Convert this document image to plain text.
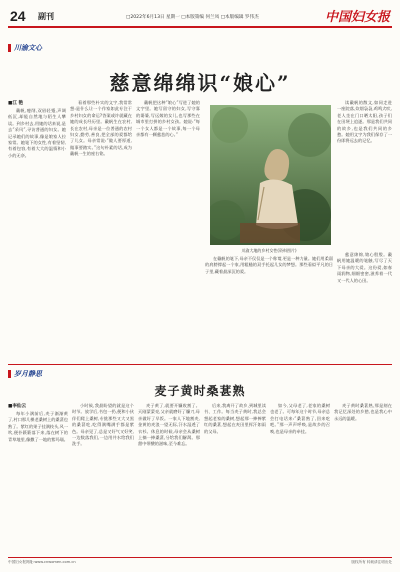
24 副刊	□2022年6月13日 星期一 □本版策编 何兰凤 □本版编辑 罗伟杰	中国妇女报
川渝文心
慈意绵绵识“娘心”
■江 艳

戴帆,瘦削,双眉轻蹙,声调低沉,却能自然地与陌生人攀谈。到乡村去,用她的话来说,是去“采风”,寻访普通的妇女。她记录她们的故事,像是娘家人拉家常。她笔下的女性,有着坚韧,有着包容,有着大大的温情和小小的无奈。

看着那些朴实的文字,我常常想:是什么让一个作家如此专注于乡村妇女的命运?答案或许就藏在她的成长经历里。戴帆生在农村,长在农村,母亲是一位普通的农村妇女,勤劳,善良,把全部的爱都给了儿女。母亲常说:“做人要厚道,做事要踏实。”这句朴素的话,成为戴帆一生的座右铭。

戴帆把这种“娘心”写进了她的文字里。她写留守的妇女,写守寡的婆婆,写远嫁的女儿,也写那些在城市里打拼的乡村女孩。她说:“每一个女人都是一个故事,每一个母亲都有一颗慈悲的心。”

川渝大地的乡村女性(资料图片)

在戴帆的笔下,母亲不仅仅是一个称谓,更是一种力量。她们用柔弱的肩膀撑起一个家,用粗糙的双手托起儿女的梦想。那些看似平凡的日子里,藏着最深沉的爱。

读戴帆的散文,如同走进一座院落,炊烟袅袅,鸡鸣犬吠,老人坐在门口晒太阳,孩子们在田埂上追逐。那是我们共同的故乡,也是我们共同的乡愁。她用文字为我们保存了一份即将远去的记忆。

慈意绵绵,娘心殷殷。戴帆用她温暖的笔触,写尽了天下母亲的大爱。这份爱,如春雨润物,细细密密,滋养着一代又一代人的心田。

岁月静思
麦子黄时桑葚熟
■李仙云

每年小满前后,麦子渐渐黄了,村口那几棵老桑树上的桑葚也熟了。紫红的果子挂满枝头,风一吹,便扑簌簌落下来,落在树下的青草地里,像撒了一地的紫玛瑙。

小时候,我最盼望的就是这个时节。放学后,书包一扔,便和小伙伴们爬上桑树,专挑那些又大又黑的桑葚吃,吃得满嘴满手都是紫色。母亲见了,总是又好气又好笑,一边数落我们,一边用井水给我们洗手。

麦子黄了,就要开镰收割了。天刚蒙蒙亮,父亲就磨好了镰刀,母亲做好了早饭。一家人下地割麦,金黄的麦浪一望无际,汗水湿透了衣衫。休息的时候,母亲会从桑树上摘一捧桑葚,分给我们解渴。那甜中带酸的滋味,至今难忘。

后来,我离开了故乡,到城里读书、工作。每当麦子黄时,我总会想起老家的桑树,想起那一捧捧紫红的桑葚,想起在麦田里挥汗如雨的父母。

如今,父母老了,老家的桑树也老了。可每年这个时节,母亲总会打电话来:“桑葚熟了,回来吃吧。”那一声声呼唤,是故乡的召唤,也是母亲的牵挂。

麦子黄时桑葚熟,那是刻在我记忆深处的乡愁,也是我心中永远的温暖。

中国妇女报网址:www.cnwomen.com.cn	版权所有 转载请注明出处
